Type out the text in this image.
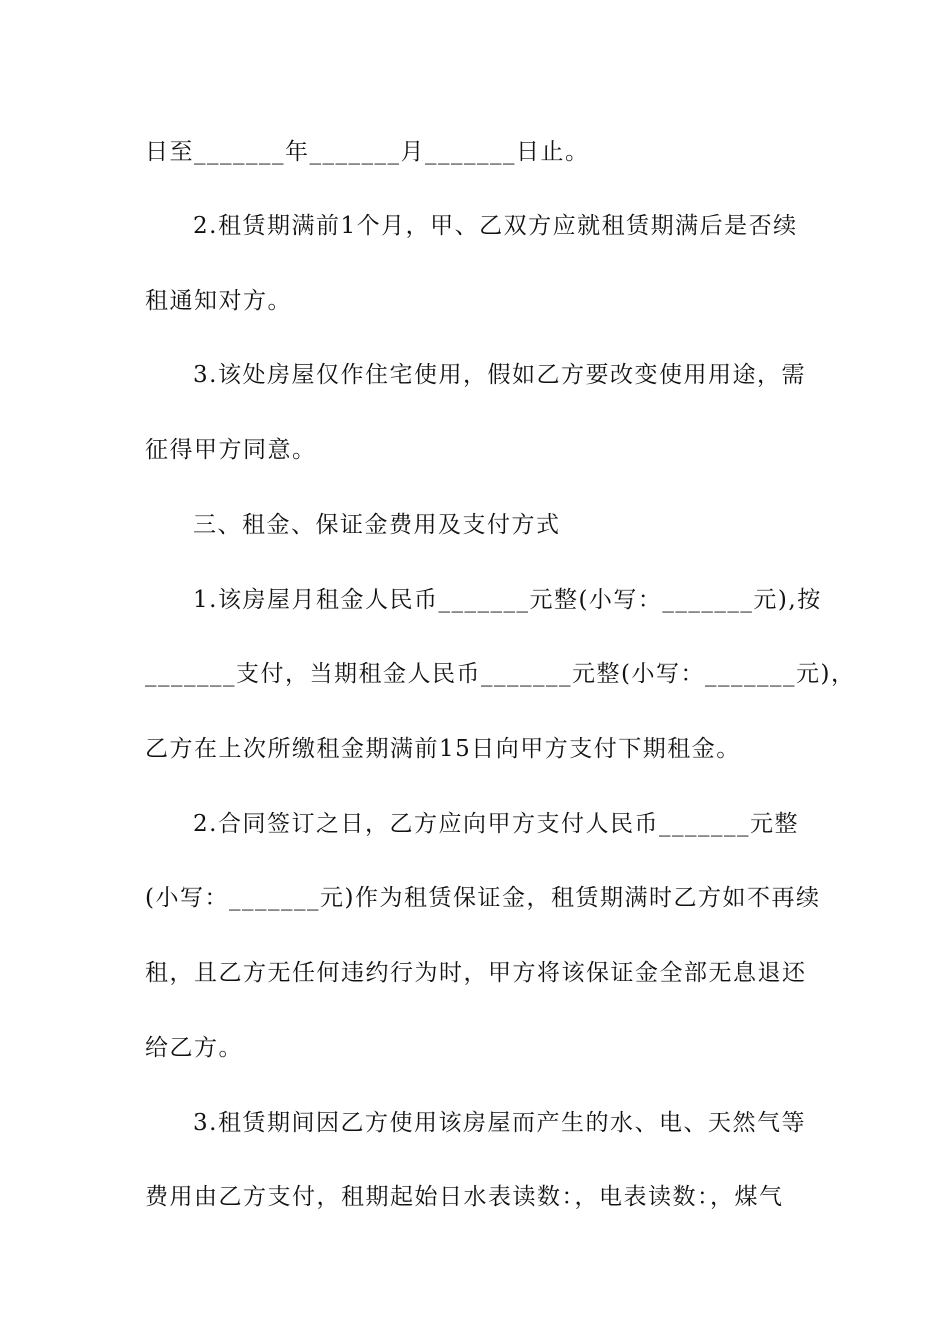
日至_______年_______月_______日止。
2.租赁期满前1个月，甲、乙双方应就租赁期满后是否续
租通知对方。
3.该处房屋仅作住宅使用，假如乙方要改变使用用途，需
征得甲方同意。
三、租金、保证金费用及支付方式
1.该房屋月租金人民币_______元整(小写：_______元),按
_______支付，当期租金人民币_______元整(小写：_______元)，
乙方在上次所缴租金期满前15日向甲方支付下期租金。
2.合同签订之日，乙方应向甲方支付人民币_______元整
(小写：_______元)作为租赁保证金，租赁期满时乙方如不再续
租，且乙方无任何违约行为时，甲方将该保证金全部无息退还
给乙方。
3.租赁期间因乙方使用该房屋而产生的水、电、天然气等
费用由乙方支付，租期起始日水表读数：，电表读数：，煤气
